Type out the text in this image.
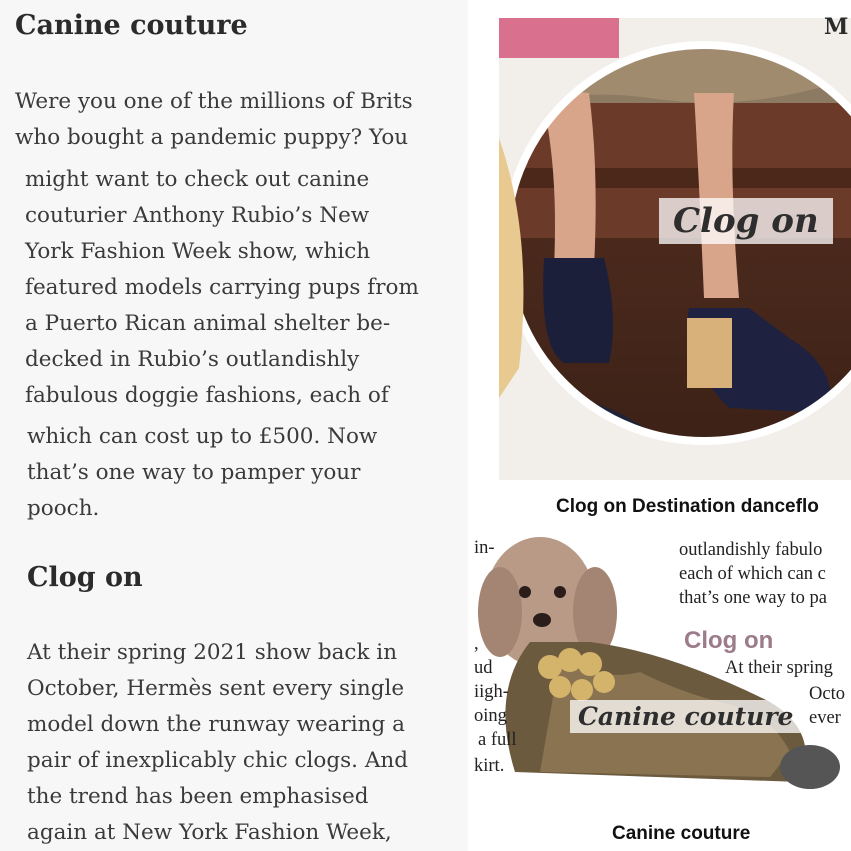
Canine couture

Were you one of the millions of Brits

who bought a pandemic puppy? You

might want to check out canine

couturier Anthony Rubio’s New

York Fashion Week show, which

featured models carrying pups from

a Puerto Rican animal shelter be-

decked in Rubio’s outlandishly

fabulous doggie fashions, each of

which can cost up to £500. Now

that’s one way to pamper your

pooch.

Clog on

At their spring 2021 show back in

October, Hermès sent every single

model down the runway wearing a

pair of inexplicably chic clogs. And

the trend has been emphasised

again at New York Fashion Week,

Clog on
M

Clog on Destination danceflo

Canine couture

Clog on

in-

,

ud

iigh-

oing

a full

kirt.

outlandishly fabulo

each of which can c

that’s one way to pa

At their spring

Octo

ever

Canine couture
